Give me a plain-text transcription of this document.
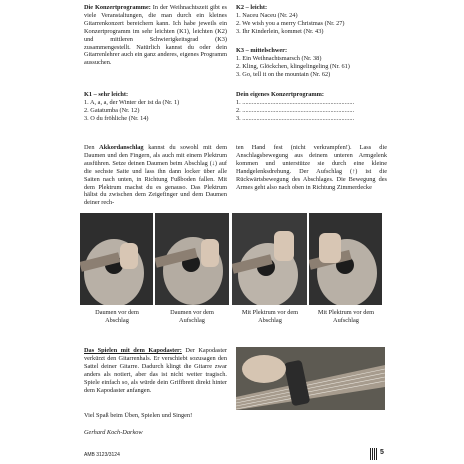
Die Konzertprogramme: In der Weihnachtszeit gibt es viele Veranstaltungen, die man durch ein kleines Gitarrenkonzert bereichern kann. Ich habe jeweils ein Konzertprogramm im sehr leichten (K1), leichten (K2) und mittleren Schwierigkeitsgrad (K3) zusammengestellt. Natürlich kannst du oder dein Gitarrenlehrer auch ein ganz anderes, eigenes Programm aussuchen.
K2 – leicht:
1. Naceu Naceu (Nr. 24)
2. We wish you a merry Christmas (Nr. 27)
3. Ihr Kinderlein, kommet (Nr. 43)
K3 – mittelschwer:
1. Ein Weihnachtsmarsch (Nr. 38)
2. Kling, Glöckchen, klingelingeling (Nr. 61)
3. Go, tell it on the mountain (Nr. 62)
K1 – sehr leicht:
1. A, a, a, der Winter der ist da (Nr. 1)
2. Gatatumba (Nr. 12)
3. O du fröhliche (Nr. 14)
Dein eigenes Konzertprogramm:
1. .......................................................................
2. .......................................................................
3. .......................................................................
Den Akkordanschlag kannst du sowohl mit dem Daumen und den Fingern, als auch mit einem Plektrum ausführen. Setze deinen Daumen beim Abschlag (↓) auf die sechste Saite und lass ihn dann locker über alle Saiten nach unten, in Richtung Fußboden fallen. Mit dem Plektrum machst du es genauso. Das Plektrum hältst du zwischen dem Zeigefinger und dem Daumen deiner rech-
ten Hand fest (nicht verkrampfen!). Lass die Anschlagsbewegung aus deinem unteren Armgelenk kommen und unterstütze sie durch eine kleine Handgelenksdrehung. Der Aufschlag (↑) ist die Rückwärtsbewegung des Abschlages. Die Bewegung des Armes geht also nach oben in Richtung Zimmerdecke
Daumen vor dem Abschlag
Daumen vor dem Aufschlag
Mit Plektrum vor dem Abschlag
Mit Plektrum vor dem Aufschlag
Das Spielen mit dem Kapodaster: Der Kapodaster verkürzt den Gitarrenhals. Er verschiebt sozusagen den Sattel deiner Gitarre. Dadurch klingt die Gitarre zwar anders als notiert, aber das ist nicht weiter tragisch. Spiele einfach so, als würde dein Griffbrett direkt hinter dem Kapodaster anfangen.
Viel Spaß beim Üben, Spielen und Singen!
Gerhard Koch-Darkow
AMB 3123/3124	5
